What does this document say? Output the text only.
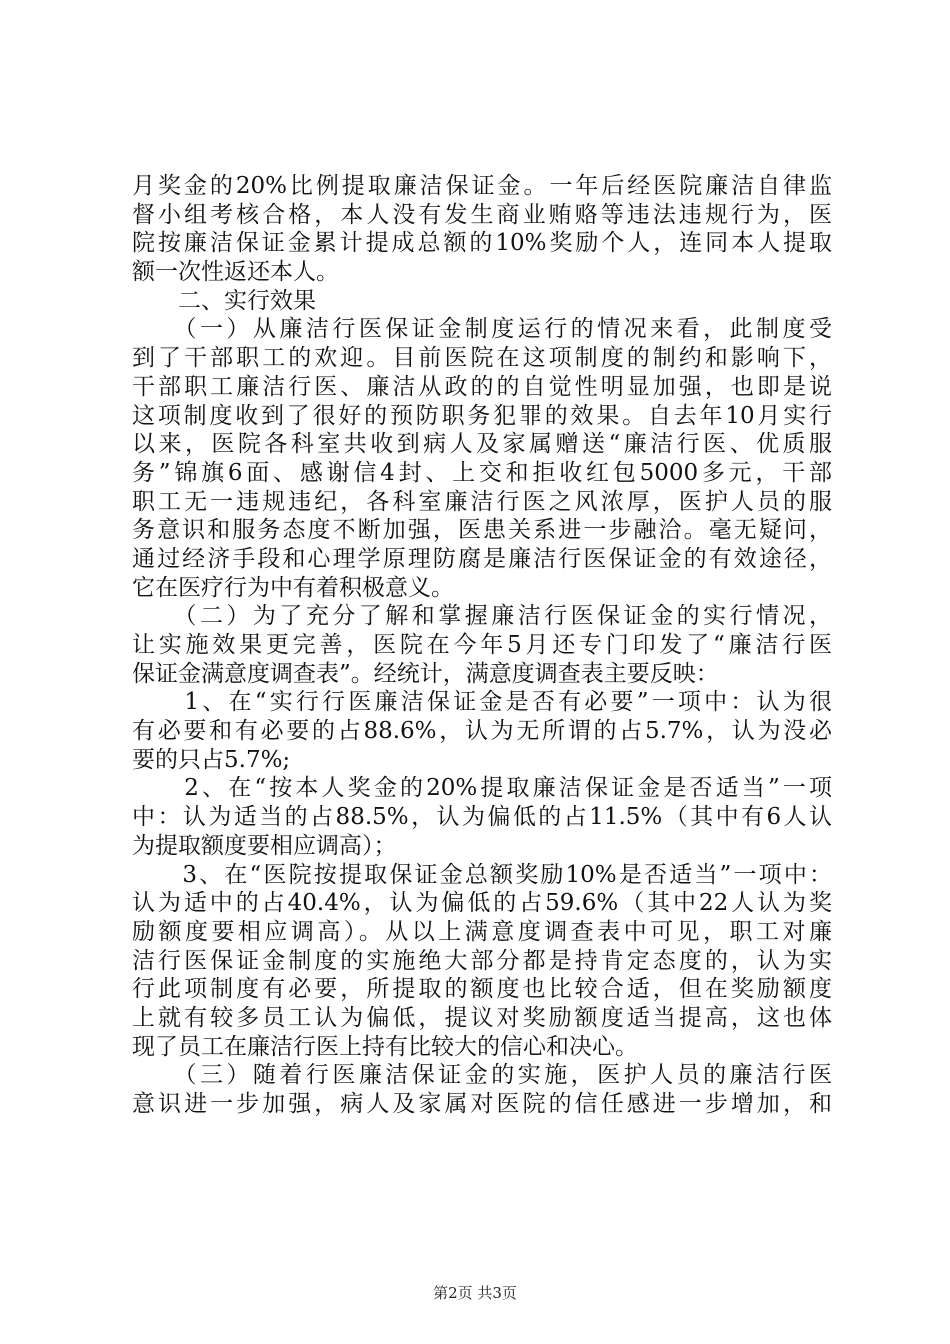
月奖金的20%比例提取廉洁保证金。一年后经医院廉洁自律监
督小组考核合格，本人没有发生商业贿赂等违法违规行为，医
院按廉洁保证金累计提成总额的10%奖励个人，连同本人提取
额一次性返还本人。
　　二、实行效果
　　（一）从廉洁行医保证金制度运行的情况来看，此制度受
到了干部职工的欢迎。目前医院在这项制度的制约和影响下，
干部职工廉洁行医、廉洁从政的的自觉性明显加强，也即是说
这项制度收到了很好的预防职务犯罪的效果。自去年10月实行
以来，医院各科室共收到病人及家属赠送“廉洁行医、优质服
务”锦旗6面、感谢信4封、上交和拒收红包5000多元，干部
职工无一违规违纪，各科室廉洁行医之风浓厚，医护人员的服
务意识和服务态度不断加强，医患关系进一步融洽。毫无疑问，
通过经济手段和心理学原理防腐是廉洁行医保证金的有效途径，
它在医疗行为中有着积极意义。
　　（二）为了充分了解和掌握廉洁行医保证金的实行情况，
让实施效果更完善，医院在今年5月还专门印发了“廉洁行医
保证金满意度调查表”。经统计，满意度调查表主要反映：
　　1、在“实行行医廉洁保证金是否有必要”一项中：认为很
有必要和有必要的占88.6%，认为无所谓的占5.7%，认为没必
要的只占5.7%;
　　2、在“按本人奖金的20%提取廉洁保证金是否适当”一项
中：认为适当的占88.5%，认为偏低的占11.5%（其中有6人认
为提取额度要相应调高）；
　　3、在“医院按提取保证金总额奖励10%是否适当”一项中：
认为适中的占40.4%，认为偏低的占59.6%（其中22人认为奖
励额度要相应调高）。从以上满意度调查表中可见，职工对廉
洁行医保证金制度的实施绝大部分都是持肯定态度的，认为实
行此项制度有必要，所提取的额度也比较合适，但在奖励额度
上就有较多员工认为偏低，提议对奖励额度适当提高，这也体
现了员工在廉洁行医上持有比较大的信心和决心。
　　（三）随着行医廉洁保证金的实施，医护人员的廉洁行医
意识进一步加强，病人及家属对医院的信任感进一步增加，和
第2页 共3页
